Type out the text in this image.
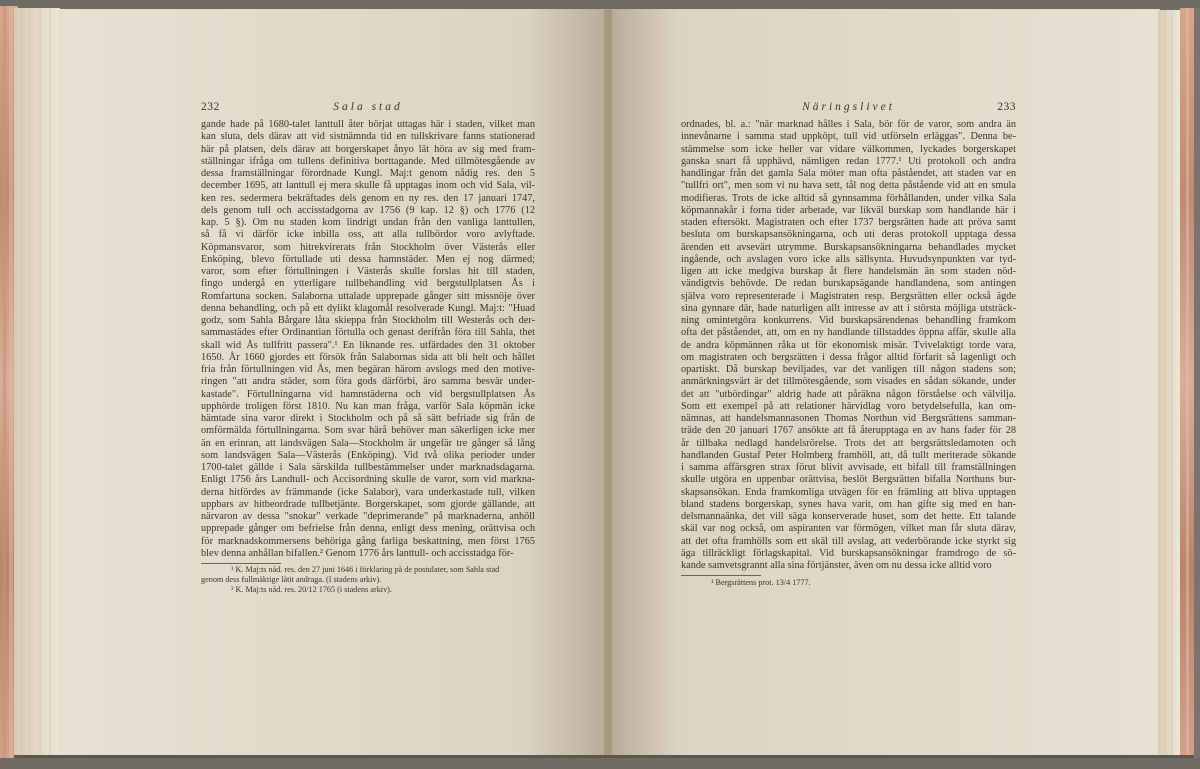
232	Sala stad
gande hade på 1680-talet lanttull åter börjat uttagas här i staden, vilket man
kan sluta, dels därav att vid sistnämnda tid en tullskrivare fanns stationerad
här på platsen, dels därav att borgerskapet ånyo lät höra av sig med fram-
ställningar ifråga om tullens definitiva borttagande. Med tillmötesgående av
dessa framställningar förordnade Kungl. Maj:t genom nådig res. den 5
december 1695, att lanttull ej mera skulle få upptagas inom och vid Sala, vil-
ken res. sedermera bekräftades dels genom en ny res. den 17 januari 1747,
dels genom tull och accisstadgorna av 1756 (9 kap. 12 §) och 1776 (12
kap. 5 §). Om nu staden kom lindrigt undan från den vanliga lanttullen,
så få vi därför icke inbilla oss, att alla tullbördor voro avlyftade.
Köpmansvaror, som hitrekvirerats från Stockholm över Västerås eller
Enköping, blevo förtullade uti dessa hamnstäder. Men ej nog därmed;
varor, som efter förtullningen i Västerås skulle forslas hit till staden,
fingo undergå en ytterligare tullbehandling vid bergstullplatsen Ås i
Romfartuna socken. Salaborna uttalade upprepade gånger sitt missnöje över
denna behandling, och på ett dylikt klagomål resolverade Kungl. Maj:t: "Huad
godz, som Sahla Bårgare låta skieppa från Stockholm till Westerås och der-
sammastädes efter Ordinantian förtulla och genast derifrån föra till Sahla, thet
skall wid Ås tullfritt passera".¹ En liknande res. utfärdades den 31 oktober
1650. År 1660 gjordes ett försök från Salabornas sida att bli helt och hållet
fria från förtullningen vid Ås, men begäran härom avslogs med den motive-
ringen "att andra städer, som föra gods därförbi, äro samma besvär under-
kastade". Förtullningarna vid hamnstäderna och vid bergstullplatsen Ås
upphörde troligen först 1810. Nu kan man fråga, varför Sala köpmän icke
hämtade sina varor direkt i Stockholm och på så sätt befriade sig från de
omförmälda förtullningarna. Som svar härå behöver man säkerligen icke mer
än en erinran, att landsvägen Sala—Stockholm är ungefär tre gånger så lång
som landsvägen Sala—Västerås (Enköping). Vid två olika perioder under
1700-talet gällde i Sala särskilda tullbestämmelser under marknadsdagarna.
Enligt 1756 års Landtull- och Accisordning skulle de varor, som vid markna-
derna hitfördes av främmande (icke Salabor), vara underkastade tull, vilken
uppbars av hitbeordrade tullbetjänte. Borgerskapet, som gjorde gällande, att
närvaron av dessa "snokar" verkade "deprimerande" på marknaderna, anhöll
upprepade gånger om befrielse från denna, enligt dess mening, orättvisa och
för marknadskommersens behöriga gång farliga beskattning, men först 1765
blev denna anhållan bifallen.² Genom 1776 års lanttull- och accisstadga för-
¹ K. Maj:ts nåd. res. den 27 juni 1646 i förklaring på de postulater, som Sahla stad
genom dess fullmäktige låtit andraga. (I stadens arkiv).
² K. Maj:ts nåd. res. 20/12 1765 (i stadens arkiv).
Näringslivet	233
ordnades, bl. a.: "när marknad hålles i Sala, bör för de varor, som andra än
innevånarne i samma stad uppköpt, tull vid utförseln erläggas". Denna be-
stämmelse som icke heller var vidare välkommen, lyckades borgerskapet
ganska snart få upphävd, nämligen redan 1777.¹ Uti protokoll och andra
handlingar från det gamla Sala möter man ofta påståendet, att staden var en
"tullfri ort", men som vi nu hava sett, tål nog detta påstående vid att en smula
modifieras. Trots de icke alltid så gynnsamma förhållanden, under vilka Sala
köpmannakår i forna tider arbetade, var likväl burskap som handlande här i
staden eftersökt. Magistraten och efter 1737 bergsrätten hade att pröva samt
besluta om burskapsansökningarna, och uti deras protokoll upptaga dessa
ärenden ett avsevärt utrymme. Burskapsansökningarna behandlades mycket
ingående, och avslagen voro icke alls sällsynta. Huvudsynpunkten var tyd-
ligen att icke medgiva burskap åt flere handelsmän än som staden nöd-
vändigtvis behövde. De redan burskapsägande handlandena, som antingen
själva voro representerade i Magistraten resp. Bergsrätten eller också ägde
sina gynnare där, hade naturligen allt intresse av att i största möjliga utsträck-
ning omintetgöra konkurrens. Vid burskapsärendenas behandling framkom
ofta det påståendet, att, om en ny handlande tillstaddes öppna affär, skulle alla
de andra köpmännen råka ut för ekonomisk misär. Tvivelaktigt torde vara,
om magistraten och bergsrätten i dessa frågor alltid förfarit så lagenligt och
opartiskt. Då burskap beviljades, var det vanligen till någon stadens son;
anmärkningsvärt är det tillmötesgående, som visades en sådan sökande, under
det att "utbördingar" aldrig hade att påräkna någon förståelse och välvilja.
Som ett exempel på att relationer härvidlag voro betydelsefulla, kan om-
nämnas, att handelsmannasonen Thomas Northun vid Bergsrättens samman-
träde den 20 januari 1767 ansökte att få återupptaga en av hans fader för 28
år tillbaka nedlagd handelsrörelse. Trots det att bergsrättsledamoten och
handlanden Gustaf Peter Holmberg framhöll, att, då tullt meriterade sökande
i samma affärsgren strax förut blivit avvisade, ett bifall till framställningen
skulle utgöra en uppenbar orättvisa, beslöt Bergsrätten bifalla Northuns bur-
skapsansökan. Enda framkomliga utvägen för en främling att bliva upptagen
bland stadens borgerskap, synes hava varit, om han gifte sig med en han-
delsmannaänka, det vill säga konserverade huset, som det hette. Ett talande
skäl var nog också, om aspiranten var förmögen, vilket man får sluta därav,
att det ofta framhölls som ett skäl till avslag, att vederbörande icke styrkt sig
äga tillräckligt förlagskapital. Vid burskapsansökningar framdrogo de sö-
kande samvetsgrannt alla sina förtjänster, även om nu dessa icke alltid voro
¹ Bergsrättens prot. 13/4 1777.
